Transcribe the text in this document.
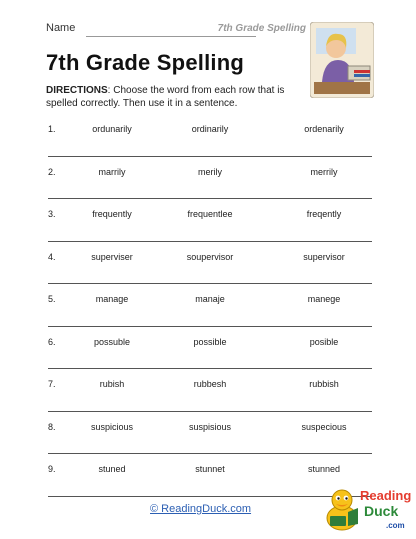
Name	7th Grade Spelling
7th Grade Spelling
DIRECTIONS: Choose the word from each row that is spelled correctly. Then use it in a sentence.
1.	ordunarily	ordinarily	ordenarily
2.	marrily	merily	merrily
3.	frequently	frequentlee	freqently
4.	superviser	soupervisor	supervisor
5.	manage	manaje	manege
6.	possuble	possible	posible
7.	rubish	rubbesh	rubbish
8.	suspicious	suspisious	suspecious
9.	stuned	stunnet	stunned
© ReadingDuck.com
Reading
Duck
.com
